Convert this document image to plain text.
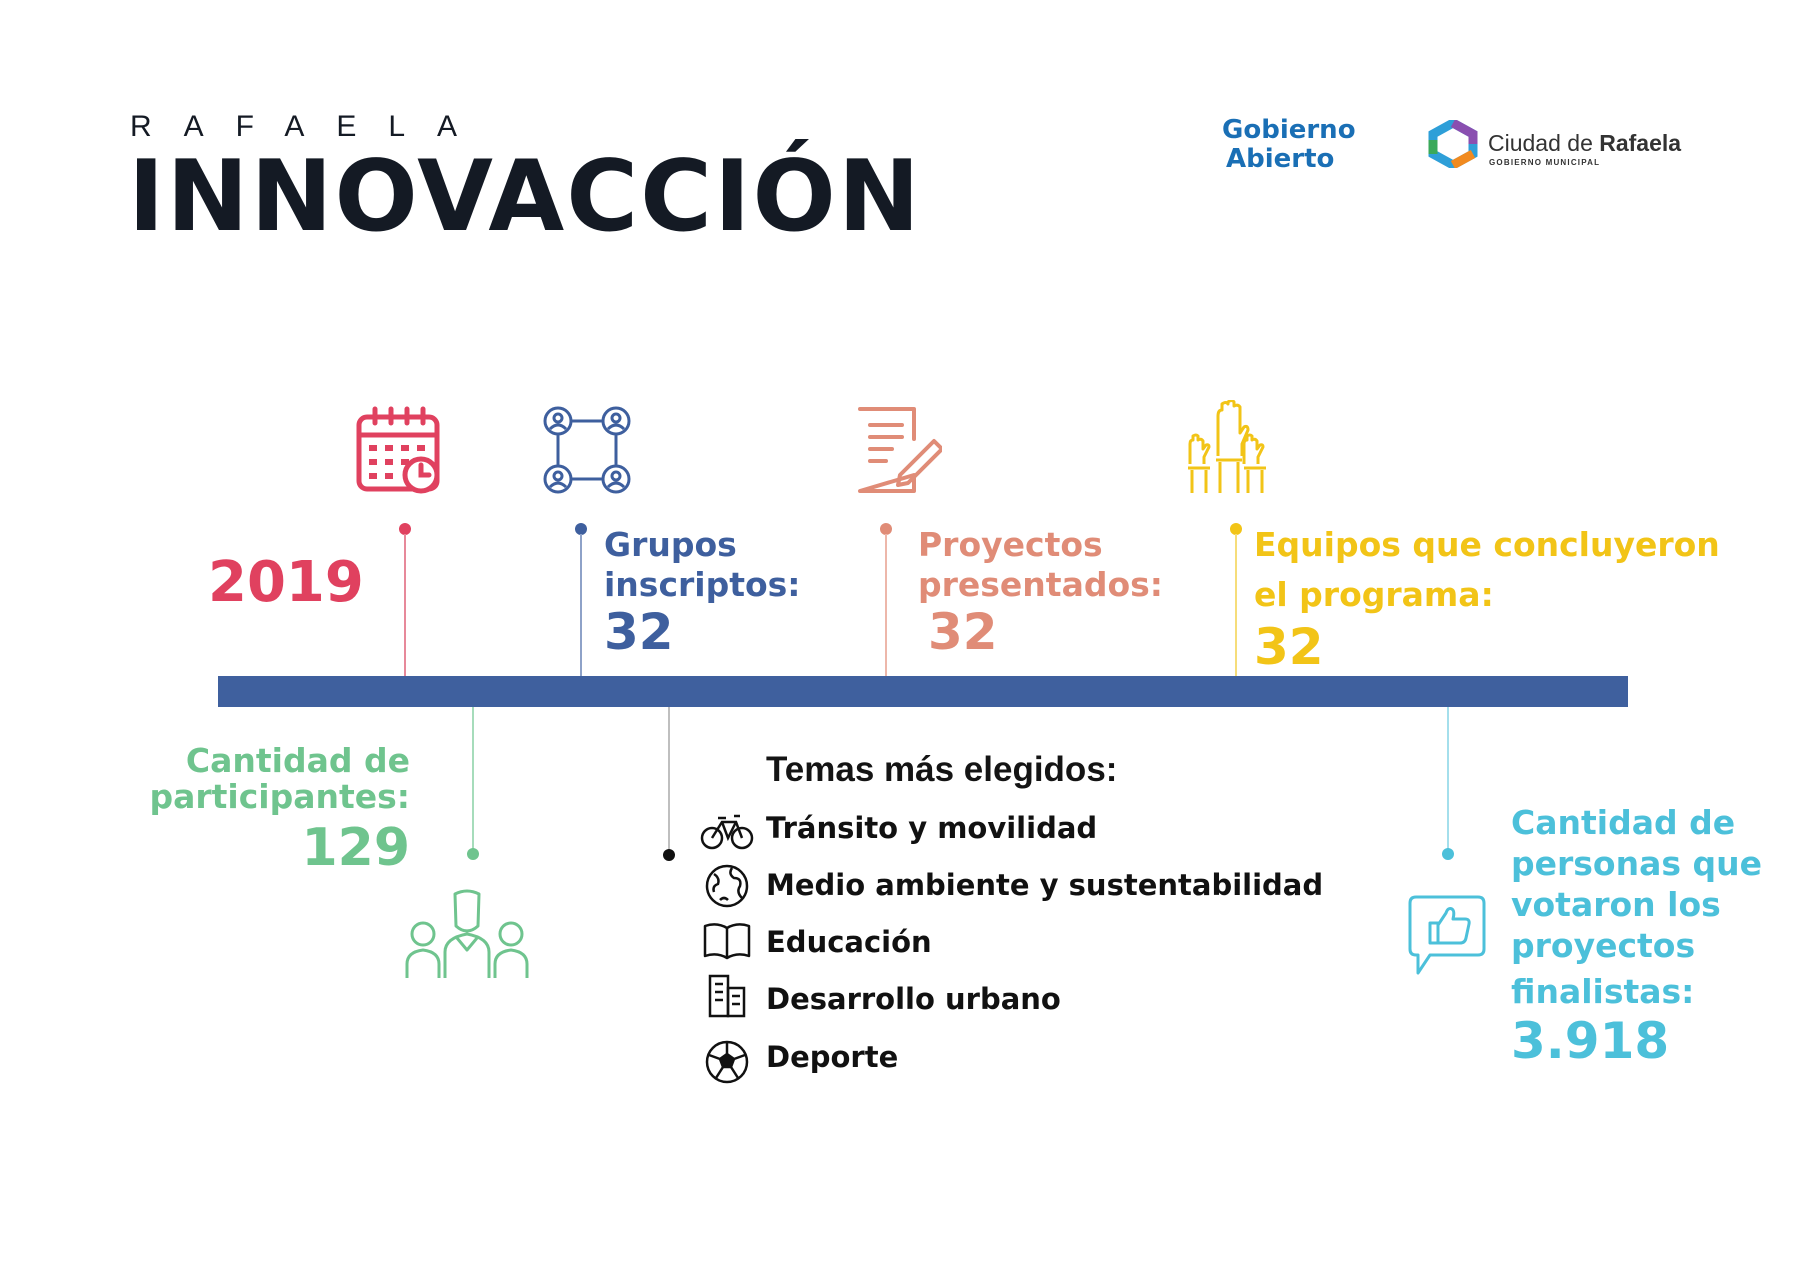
RAFAELA
INNOVACCIÓN
Gobierno
Abierto
Ciudad de Rafaela
GOBIERNO MUNICIPAL
2019
Grupos
inscriptos:
32
Proyectos
presentados:
32
Equipos que concluyeron
el programa:
32
Cantidad de
participantes:
129
Temas más elegidos:
Tránsito y movilidad
Medio ambiente y sustentabilidad
Educación
Desarrollo urbano
Deporte
Cantidad de
personas que
votaron los
proyectos
finalistas:
3.918
